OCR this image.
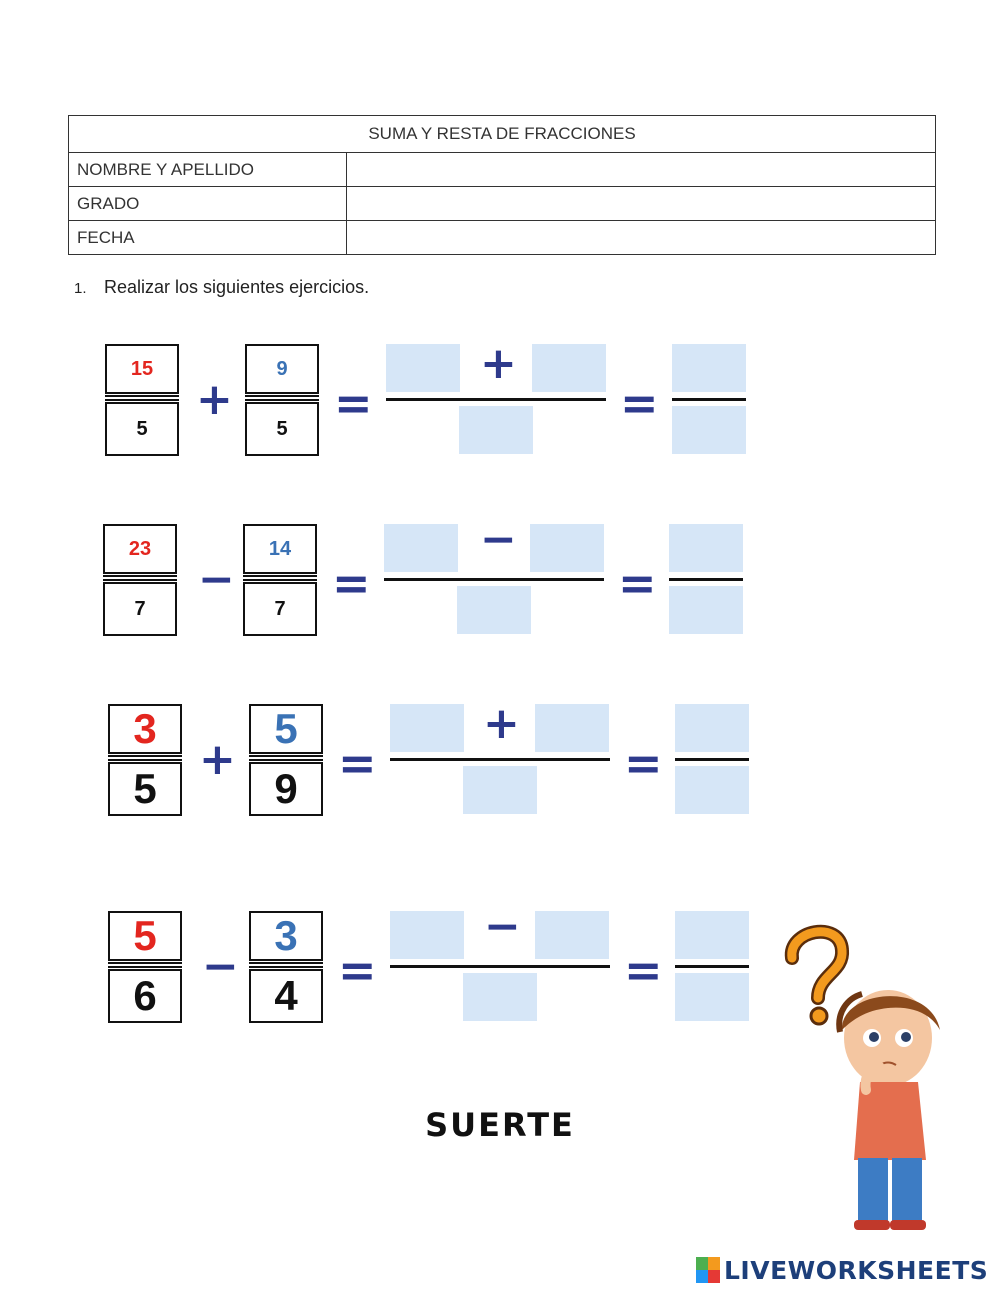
SUMA Y RESTA DE FRACCIONES	
NOMBRE Y APELLIDO	
GRADO	
FECHA	
1. Realizar los siguientes ejercicios.
$\frac{15}{5}$
+
$\frac{9}{5}$
=
+
=
$\frac{23}{7}$
−
$\frac{14}{7}$
=
−
=
$\frac{3}{5}$
+
$\frac{5}{9}$
=
+
=
$\frac{5}{6}$
−
$\frac{3}{4}$
=
−
=
SUERTE
LIVEWORKSHEETS
